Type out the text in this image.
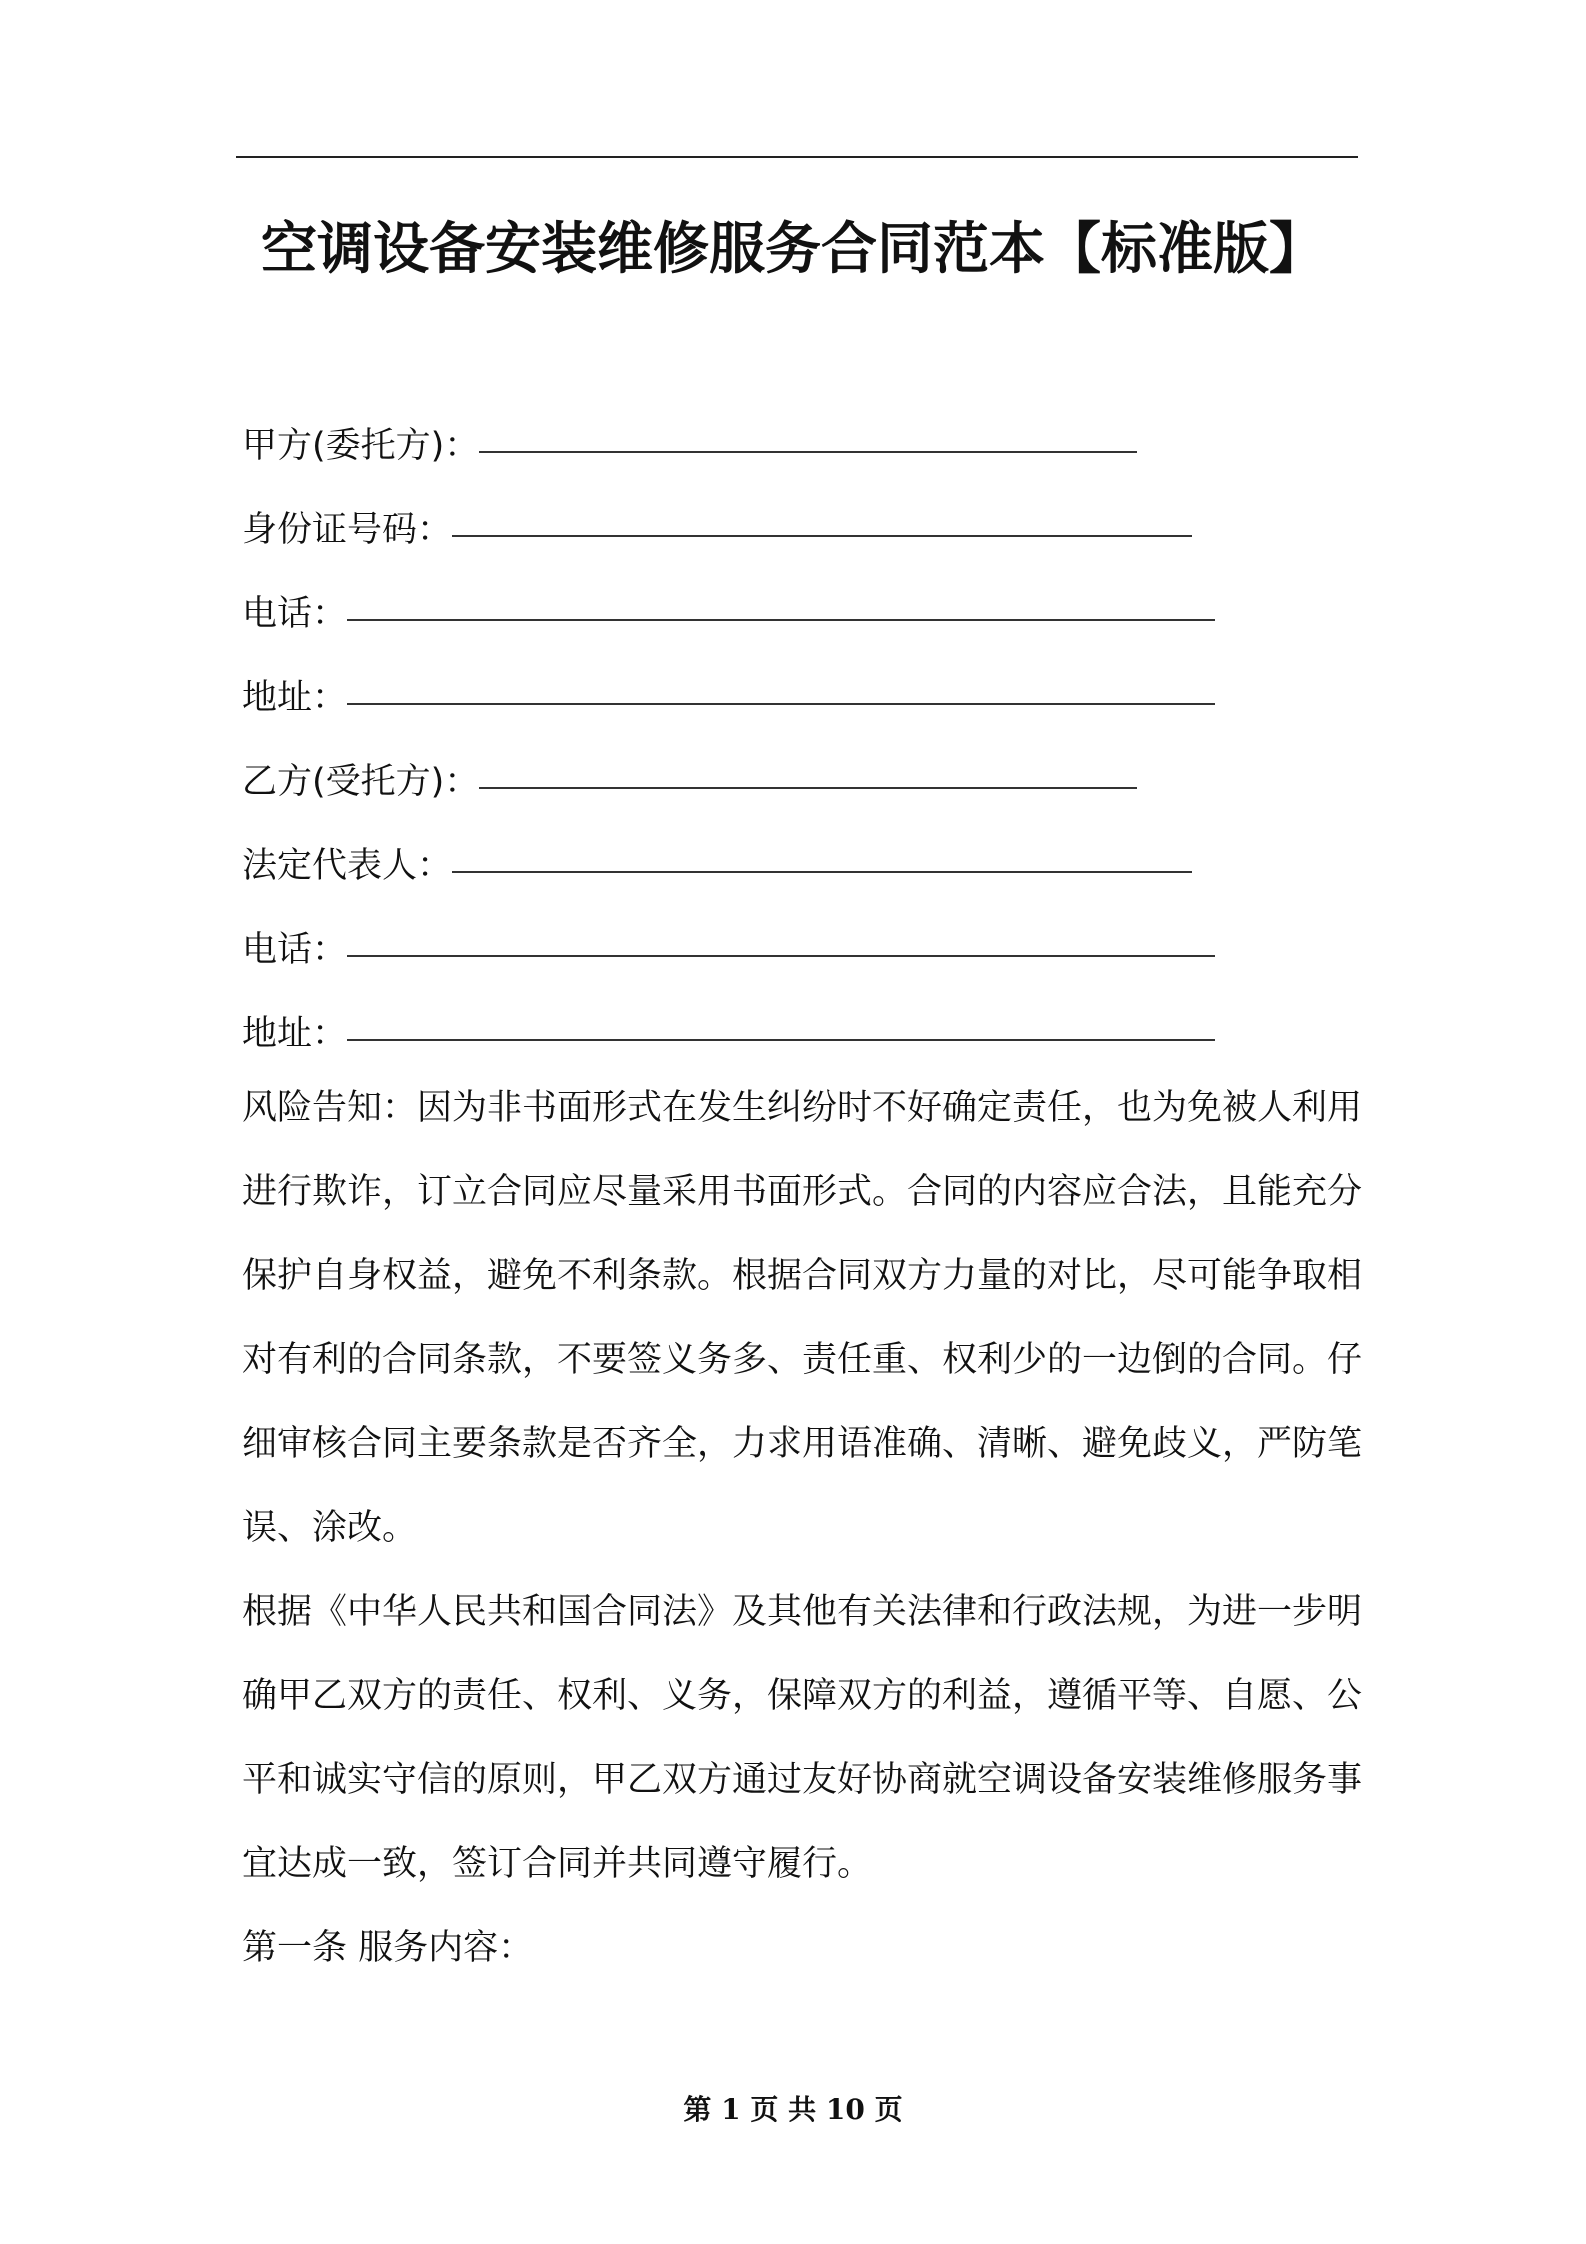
空调设备安装维修服务合同范本【标准版】
甲方(委托方)：
身份证号码：
电话：
地址：
乙方(受托方)：
法定代表人：
电话：
地址：
风险告知：因为非书面形式在发生纠纷时不好确定责任，也为免被人利用进行欺诈，订立合同应尽量采用书面形式。合同的内容应合法，且能充分保护自身权益，避免不利条款。根据合同双方力量的对比，尽可能争取相对有利的合同条款，不要签义务多、责任重、权利少的一边倒的合同。仔细审核合同主要条款是否齐全，力求用语准确、清晰、避免歧义，严防笔误、涂改。
根据《中华人民共和国合同法》及其他有关法律和行政法规，为进一步明确甲乙双方的责任、权利、义务，保障双方的利益，遵循平等、自愿、公平和诚实守信的原则，甲乙双方通过友好协商就空调设备安装维修服务事宜达成一致，签订合同并共同遵守履行。
第一条 服务内容：
第 1 页 共 10 页
